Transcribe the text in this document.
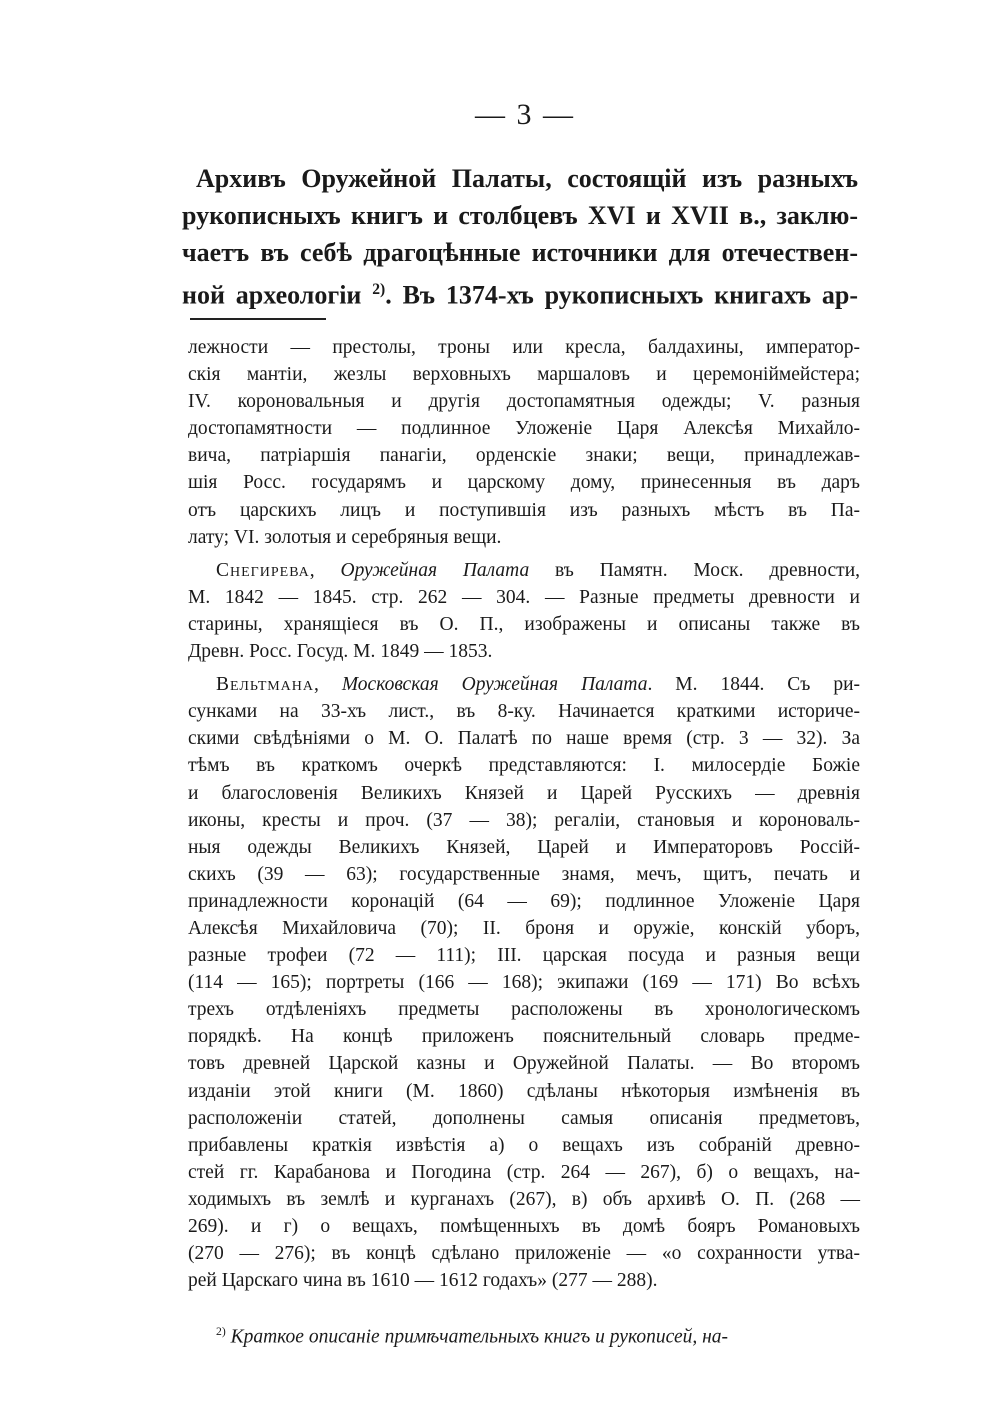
— 3 —
Архивъ Оружейной Палаты, состоящій изъ разныхъ
рукописныхъ книгъ и столбцевъ XVI и XVII в., заклю-
чаетъ въ себѣ драгоцѣнные источники для отечествен-
ной археологіи $^{2)}$. Въ 1374-хъ рукописныхъ книгахъ ар-
лежности — престолы, троны или кресла, балдахины, император-
скія мантіи, жезлы верховныхъ маршаловъ и церемоніймейстера;
IV. короновальныя и другія достопамятныя одежды; V. разныя
достопамятности — подлинное Уложеніе Царя Алексѣя Михайло-
вича, патріаршія панагіи, орденскіе знаки; вещи, принадлежав-
шія Росс. государямъ и царскому дому, принесенныя въ даръ
отъ царскихъ лицъ и поступившія изъ разныхъ мѣстъ въ Па-
лату; VI. золотыя и серебряныя вещи.
Снегирева, Оружейная Палата въ Памятн. Моск. древности,
М. 1842 — 1845. стр. 262 — 304. — Разные предметы древности и
старины, хранящіеся въ О. П., изображены и описаны также въ
Древн. Росс. Госуд. М. 1849 — 1853.
Вельтмана, Московская Оружейная Палата. М. 1844. Съ ри-
сунками на 33-хъ лист., въ 8-ку. Начинается краткими историче-
скими свѣдѣніями о М. О. Палатѣ по наше время (стр. 3 — 32). За
тѣмъ въ краткомъ очеркѣ представляются: I. милосердіе Божіе
и благословенія Великихъ Князей и Царей Русскихъ — древнія
иконы, кресты и проч. (37 — 38); регаліи, становыя и короноваль-
ныя одежды Великихъ Князей, Царей и Императоровъ Россій-
скихъ (39 — 63); государственные знамя, мечъ, щитъ, печать и
принадлежности коронацій (64 — 69); подлинное Уложеніе Царя
Алексѣя Михайловича (70); II. броня и оружіе, конскій уборъ,
разные трофеи (72 — 111); III. царская посуда и разныя вещи
(114 — 165); портреты (166 — 168); экипажи (169 — 171) Во всѣхъ
трехъ отдѣленіяхъ предметы расположены въ хронологическомъ
порядкѣ. На концѣ приложенъ пояснительный словарь предме-
товъ древней Царской казны и Оружейной Палаты. — Во второмъ
изданіи этой книги (М. 1860) сдѣланы нѣкоторыя измѣненія въ
расположеніи статей, дополнены самыя описанія предметовъ,
прибавлены краткія извѣстія а) о вещахъ изъ собраній древно-
стей гг. Карабанова и Погодина (стр. 264 — 267), б) о вещахъ, на-
ходимыхъ въ землѣ и курганахъ (267), в) объ архивѣ О. П. (268 —
269). и г) о вещахъ, помѣщенныхъ въ домѣ бояръ Романовыхъ
(270 — 276); въ концѣ сдѣлано приложеніе — «о сохранности утва-
рей Царскаго чина въ 1610 — 1612 годахъ» (277 — 288).
$^{2)}$ Краткое описаніе примѣчательныхъ книгъ и рукописей, на-
